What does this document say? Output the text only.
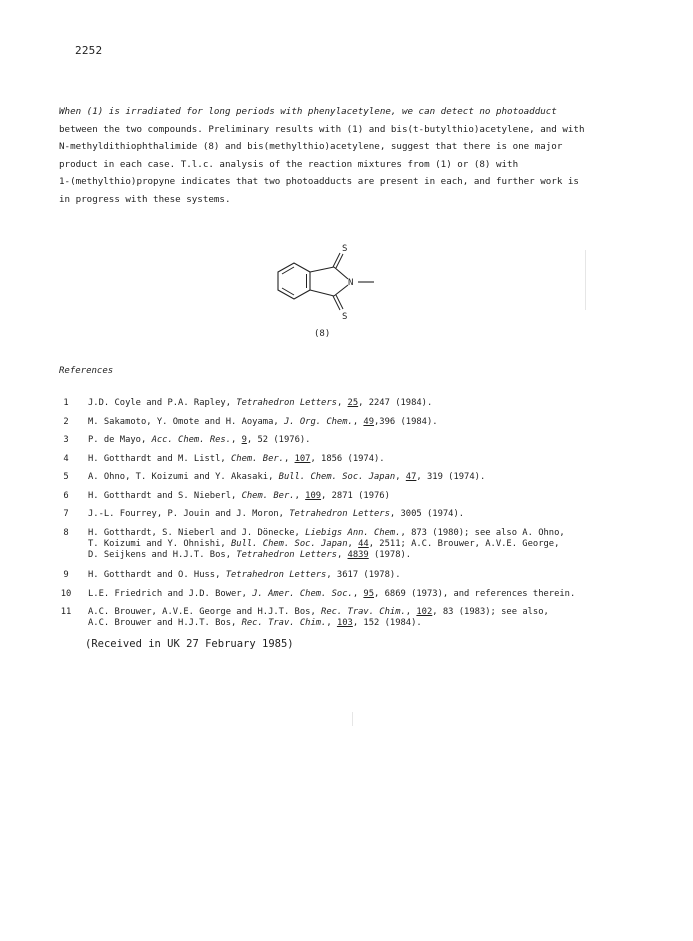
2252
When (1) is irradiated for long periods with phenylacetylene, we can detect no photoadduct
between the two compounds. Preliminary results with (1) and bis(t-butylthio)acetylene, and with
N-methyldithiophthalimide (8) and bis(methylthio)acetylene, suggest that there is one major
product in each case. T.l.c. analysis of the reaction mixtures from (1) or (8) with
1-(methylthio)propyne indicates that two photoadducts are present in each, and further work is
in progress with these systems.
S
N
S
(8)
References
1	J.D. Coyle and P.A. Rapley, Tetrahedron Letters, 25, 2247 (1984).
2	M. Sakamoto, Y. Omote and H. Aoyama, J. Org. Chem., 49,396 (1984).
3	P. de Mayo, Acc. Chem. Res., 9, 52 (1976).
4	H. Gotthardt and M. Listl, Chem. Ber., 107, 1856 (1974).
5	A. Ohno, T. Koizumi and Y. Akasaki, Bull. Chem. Soc. Japan, 47, 319 (1974).
6	H. Gotthardt and S. Nieberl, Chem. Ber., 109, 2871 (1976)
7	J.-L. Fourrey, P. Jouin and J. Moron, Tetrahedron Letters, 3005 (1974).
8	H. Gotthardt, S. Nieberl and J. Dönecke, Liebigs Ann. Chem., 873 (1980); see also A. Ohno,
T. Koizumi and Y. Ohnishi, Bull. Chem. Soc. Japan, 44, 2511; A.C. Brouwer, A.V.E. George,
D. Seijkens and H.J.T. Bos, Tetrahedron Letters, 4839 (1978).
9	H. Gotthardt and O. Huss, Tetrahedron Letters, 3617 (1978).
10 L.E. Friedrich and J.D. Bower, J. Amer. Chem. Soc., 95, 6869 (1973), and references therein.
11 A.C. Brouwer, A.V.E. George and H.J.T. Bos, Rec. Trav. Chim., 102, 83 (1983); see also,
A.C. Brouwer and H.J.T. Bos, Rec. Trav. Chim., 103, 152 (1984).
(Received in UK 27 February 1985)
